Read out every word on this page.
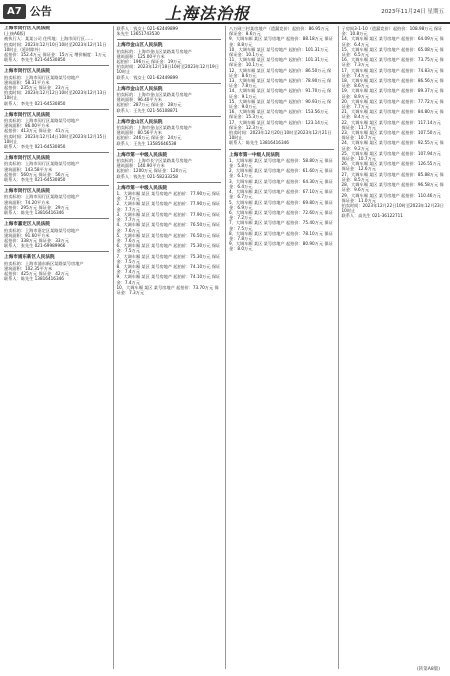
A7 公告	上海法治报	2023年11月24日 星期五

上海市闵行区人民法院

(上接A6版)

被执行人：某某公司 住所地：上海市闵行区……

拍卖时间：2023年12月10日10时至2023年12月11日10时止（延时除外）

起拍价：152.4万元 保证金：15万元 增价幅度：1万元

联系人：李先生 021-64530850

上海市闵行区人民法院

拍卖标的：上海市闵行区某路某号房地产

建筑面积：58.31平方米

起拍价：235万元 保证金：23万元

拍卖时间：2023年12月12日10时至2023年12月13日10时止

联系人：李先生 021-64530850

上海市闵行区人民法院

拍卖标的：上海市闵行区某路某号房地产

建筑面积：86.00平方米

起拍价：413万元 保证金：41万元

拍卖时间：2023年12月14日10时至2023年12月15日10时止

联系人：李先生 021-64530850

上海市闵行区人民法院

拍卖标的：上海市闵行区某路某号房地产

建筑面积：143.58平方米

起拍价：560万元 保证金：56万元

联系人：李先生 021-64530850

上海市闵行区人民法院

拍卖标的：上海市闵行区某路某号房地产

建筑面积：74.20平方米

起拍价：295万元 保证金：29万元

联系人：陈先生 13816416346

上海市嘉定区人民法院

拍卖标的：上海市嘉定区某路某号房地产

建筑面积：91.60平方米

起拍价：338万元 保证金：33万元

联系人：张先生 021-69989966

上海市浦东新区人民法院

拍卖标的：上海市浦东新区某路某号房地产

建筑面积：102.35平方米

起拍价：425万元 保证金：42万元

联系人：陈先生 13816416346

联系人：钱女士 021-62449899

朱先生 13651743530

上海市金山区人民法院

拍卖标的：上海市金山区某路某号房地产

建筑面积：125.00平方米

起拍价：196万元 保证金：19万元

拍卖时间：2023年12月18日10时至2023年12月19日10时止

联系人：钱女士 021-62449899

上海市金山区人民法院

拍卖标的：上海市金山区某路某号房地产

建筑面积：96.40平方米

起拍价：287万元 保证金：28万元

联系人：王先生 021-56108871

上海市金山区人民法院

拍卖标的：上海市金山区某路某号房地产

建筑面积：80.56平方米

起拍价：246万元 保证金：24万元

联系人：王先生 13585646538

上海市第一中级人民法院

拍卖标的：上海市长宁区某路某号房地产

建筑面积：140.90平方米

起拍价：1200万元 保证金：120万元

联系人：钱先生 021-58233258

上海市第一中级人民法院

1、大调车厢 某区 某号房地产 起拍价：77.90万元 保证金：7.7万元

2、大调车厢 某区 某号房地产 起拍价：77.90万元 保证金：7.7万元

3、大调车厢 某区 某号房地产 起拍价：77.90万元 保证金：7.7万元

4、大调车厢 某区 某号房地产 起拍价：76.50万元 保证金：7.6万元

5、大调车厢 某区 某号房地产 起拍价：76.50万元 保证金：7.6万元

6、大调车厢 某区 某号房地产 起拍价：75.30万元 保证金：7.5万元

7、大调车厢 某区 某号房地产 起拍价：75.30万元 保证金：7.5万元

8、大调车厢 某区 某号房地产 起拍价：74.10万元 保证金：7.4万元

9、大调车厢 某区 某号房地产 起拍价：74.10万元 保证金：7.4万元

10、大调车厢 某区 某号房地产 起拍价：73.70万元 保证金：7.3万元

八万网三村某房地产（遗漏竞价）起拍价：86.95万元 保证金：8.6万元

9、大调车厢 某区 某号房地产 起拍价：88.18万元 保证金：8.8万元

10、大调车厢 某区 某号房地产 起拍价：101.31万元 保证金：10.1万元

11、大调车厢 某区 某号房地产 起拍价：101.31万元 保证金：10.1万元

12、大调车厢 某区 某号房地产 起拍价：86.50万元 保证金：8.6万元

13、大调车厢 某区 某号房地产 起拍价：78.90万元 保证金：7.8万元

14、大调车厢 某区 某号房地产 起拍价：91.70万元 保证金：9.1万元

15、大调车厢 某区 某号房地产 起拍价：90.93万元 保证金：9.0万元

16、大调车厢 某区 某号房地产 起拍价：153.56万元 保证金：15.3万元

17、大调车厢 某区 某号房地产 起拍价：123.14万元 保证金：12.3万元

拍卖时间：2023年12月20日10时至2023年12月21日10时止

联系人：陈先生 13816416346

上海市第一中级人民法院

1、大调车厢 某区 某号房地产 起拍价：58.80万元 保证金：5.8万元

2、大调车厢 某区 某号房地产 起拍价：61.60万元 保证金：6.1万元

3、大调车厢 某区 某号房地产 起拍价：64.30万元 保证金：6.4万元

4、大调车厢 某区 某号房地产 起拍价：67.10万元 保证金：6.7万元

5、大调车厢 某区 某号房地产 起拍价：69.80万元 保证金：6.9万元

6、大调车厢 某区 某号房地产 起拍价：72.60万元 保证金：7.2万元

7、大调车厢 某区 某号房地产 起拍价：75.40万元 保证金：7.5万元

8、大调车厢 某区 某号房地产 起拍价：78.10万元 保证金：7.8万元

9、大调车厢 某区 某号房地产 起拍价：80.90万元 保证金：8.0万元

子房间3-1-10（遗漏竞价）起拍价：108.98万元 保证金：10.8万元

14、大调车厢 某区 某号房地产 起拍价：64.09万元 保证金：6.4万元

15、大调车厢 某区 某号房地产 起拍价：65.08万元 保证金：6.5万元

16、大调车厢 某区 某号房地产 起拍价：73.75万元 保证金：7.3万元

17、大调车厢 某区 某号房地产 起拍价：74.83万元 保证金：7.4万元

18、大调车厢 某区 某号房地产 起拍价：86.56万元 保证金：8.6万元

19、大调车厢 某区 某号房地产 起拍价：89.37万元 保证金：8.9万元

20、大调车厢 某区 某号房地产 起拍价：77.72万元 保证金：7.7万元

21、大调车厢 某区 某号房地产 起拍价：84.80万元 保证金：8.4万元

22、大调车厢 某区 某号房地产 起拍价：117.14万元 保证金：11.7万元

23、大调车厢 某区 某号房地产 起拍价：107.50万元 保证金：10.7万元

24、大调车厢 某区 某号房地产 起拍价：92.55万元 保证金：9.2万元

25、大调车厢 某区 某号房地产 起拍价：107.94万元 保证金：10.7万元

26、大调车厢 某区 某号房地产 起拍价：126.55万元 保证金：12.6万元

27、大调车厢 某区 某号房地产 起拍价：85.88万元 保证金：8.5万元

28、大调车厢 某区 某号房地产 起拍价：96.58万元 保证金：9.6万元

29、大调车厢 某区 某号房地产 起拍价：110.46万元 保证金：11.0万元

拍卖时间：2023年12月22日10时至2023年12月23日10时止

联系人：高先生 021-36122711

(转第A8版)
